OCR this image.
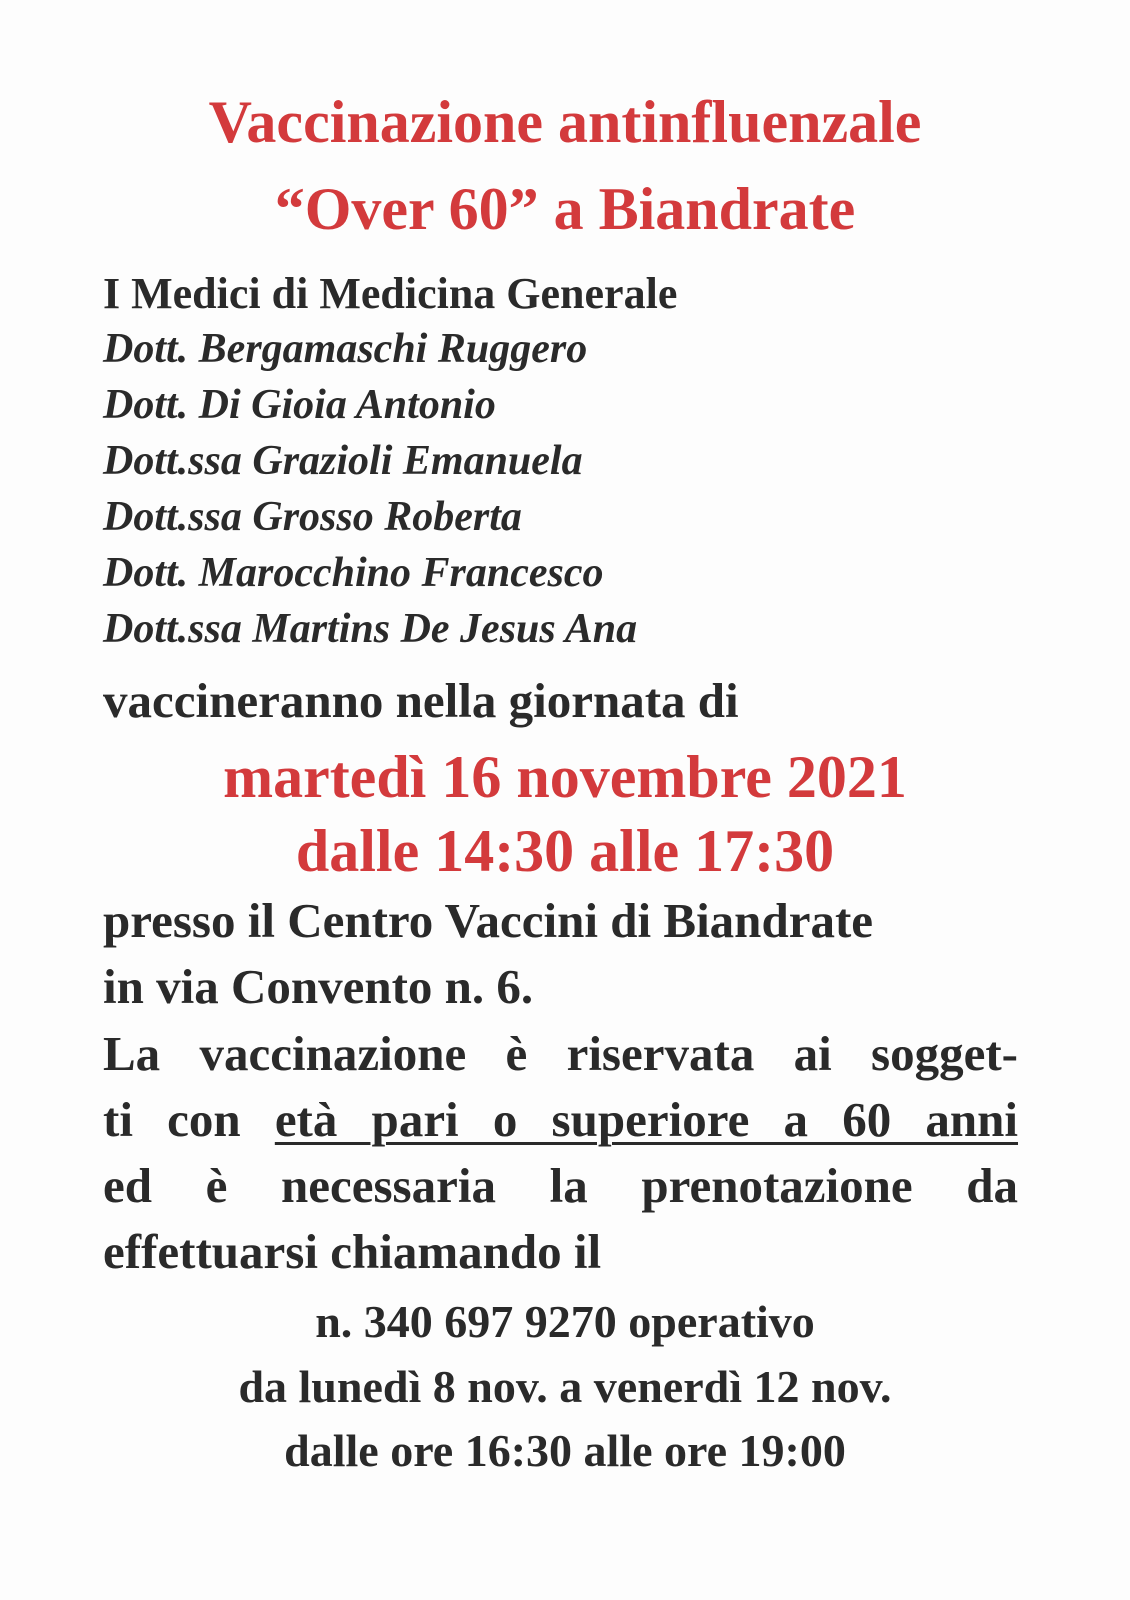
Vaccinazione antinfluenzale
“Over 60” a Biandrate

I Medici di Medicina Generale

Dott. Bergamaschi Ruggero

Dott. Di Gioia Antonio

Dott.ssa Grazioli Emanuela

Dott.ssa Grosso Roberta

Dott. Marocchino Francesco

Dott.ssa Martins De Jesus Ana

vaccineranno nella giornata di

martedì 16 novembre 2021

dalle 14:30 alle 17:30

presso il Centro Vaccini di Biandrate

in via Convento n. 6.

La vaccinazione è riservata ai sogget-

ti con età pari o superiore a 60 anni

ed è necessaria la prenotazione da

effettuarsi chiamando il

n. 340 697 9270 operativo

da lunedì 8 nov. a venerdì 12 nov.

dalle ore 16:30 alle ore 19:00
